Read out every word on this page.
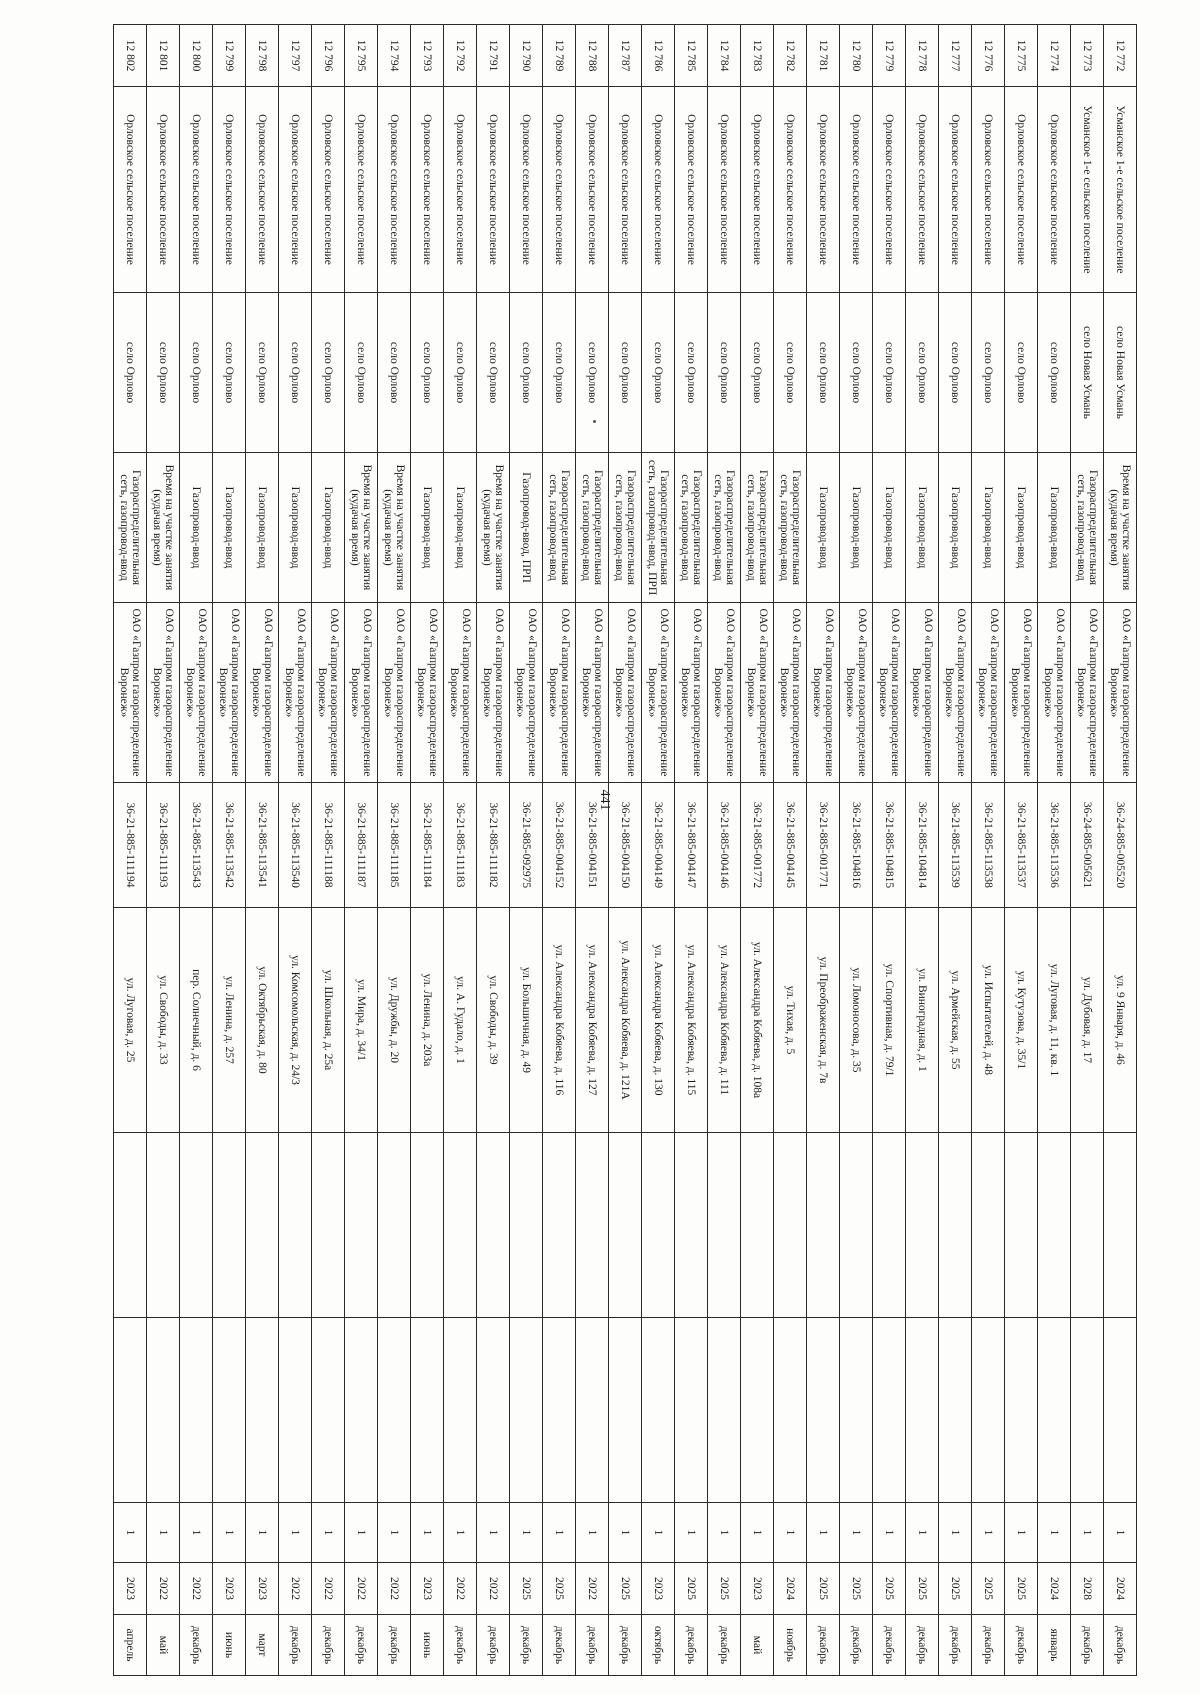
441
12 772	Усманское 1-е сельское поселение	село Новая Усмань	Время на участке занятия (кудачая время)	ОАО «Газпром газораспределение Воронеж»	36-24-885-005520	ул. 9 Января, д. 46			1	2024	декабрь
12 773	Усманское 1-е сельское поселение	село Новая Усмань	Газораспределительная сеть, газопровод-ввод	ОАО «Газпром газораспределение Воронеж»	36-24-885-005621	ул. Дубовая, д. 17			1	2028	декабрь
12 774	Орловское сельское поселение	село Орлово	Газопровод-ввод	ОАО «Газпром газораспределение Воронеж»	36-21-885-113536	ул. Луговая, д. 11, кв. 1			1	2024	январь
12 775	Орловское сельское поселение	село Орлово	Газопровод-ввод	ОАО «Газпром газораспределение Воронеж»	36-21-885-113537	ул. Кутузова, д. 35/1			1	2025	декабрь
12 776	Орловское сельское поселение	село Орлово	Газопровод-ввод	ОАО «Газпром газораспределение Воронеж»	36-21-885-113538	ул. Испытателей, д. 48			1	2025	декабрь
12 777	Орловское сельское поселение	село Орлово	Газопровод-ввод	ОАО «Газпром газораспределение Воронеж»	36-21-885-113539	ул. Армейская, д. 55			1	2025	декабрь
12 778	Орловское сельское поселение	село Орлово	Газопровод-ввод	ОАО «Газпром газораспределение Воронеж»	36-21-885-104814	ул. Виноградная, д. 1			1	2025	декабрь
12 779	Орловское сельское поселение	село Орлово	Газопровод-ввод	ОАО «Газпром газораспределение Воронеж»	36-21-885-104815	ул. Спортивная, д. 79/1			1	2025	декабрь
12 780	Орловское сельское поселение	село Орлово	Газопровод-ввод	ОАО «Газпром газораспределение Воронеж»	36-21-885-104816	ул. Ломоносова, д. 35			1	2025	декабрь
12 781	Орловское сельское поселение	село Орлово	Газопровод-ввод	ОАО «Газпром газораспределение Воронеж»	36-21-885-001771	ул. Преображенская, д. 7в			1	2025	декабрь
12 782	Орловское сельское поселение	село Орлово	Газораспределительная сеть, газопровод-ввод	ОАО «Газпром газораспределение Воронеж»	36-21-885-004145	ул. Тихая, д. 5			1	2024	ноябрь
12 783	Орловское сельское поселение	село Орлово	Газораспределительная сеть, газопровод-ввод	ОАО «Газпром газораспределение Воронеж»	36-21-885-001772	ул. Александра Кобяева, д. 108а			1	2023	май
12 784	Орловское сельское поселение	село Орлово	Газораспределительная сеть, газопровод-ввод	ОАО «Газпром газораспределение Воронеж»	36-21-885-004146	ул. Александра Кобяева, д. 111			1	2025	декабрь
12 785	Орловское сельское поселение	село Орлово	Газораспределительная сеть, газопровод-ввод	ОАО «Газпром газораспределение Воронеж»	36-21-885-004147	ул. Александра Кобяева, д. 115			1	2025	декабрь
12 786	Орловское сельское поселение	село Орлово	Газораспределительная сеть, газопровод-ввод, ПРП	ОАО «Газпром газораспределение Воронеж»	36-21-885-004149	ул. Александра Кобяева, д. 130			1	2023	октябрь
12 787	Орловское сельское поселение	село Орлово	Газораспределительная сеть, газопровод-ввод	ОАО «Газпром газораспределение Воронеж»	36-21-885-004150	ул. Александра Кобяева, д. 121А			1	2025	декабрь
12 788	Орловское сельское поселение	село Орлово	Газораспределительная сеть, газопровод-ввод	ОАО «Газпром газораспределение Воронеж»	36-21-885-004151	ул. Александра Кобяева, д. 127			1	2022	декабрь
12 789	Орловское сельское поселение	село Орлово	Газораспределительная сеть, газопровод-ввод	ОАО «Газпром газораспределение Воронеж»	36-21-885-004152	ул. Александра Кобяева, д. 116			1	2025	декабрь
12 790	Орловское сельское поселение	село Орлово	Газопровод-ввод, ПРП	ОАО «Газпром газораспределение Воронеж»	36-21-885-092975	ул. Большичная, д. 49			1	2025	декабрь
12 791	Орловское сельское поселение	село Орлово	Время на участке занятия (кудачая время)	ОАО «Газпром газораспределение Воронеж»	36-21-885-111182	ул. Свободы, д. 39			1	2022	декабрь
12 792	Орловское сельское поселение	село Орлово	Газопровод-ввод	ОАО «Газпром газораспределение Воронеж»	36-21-885-111183	ул. А. Гудало, д. 1			1	2022	декабрь
12 793	Орловское сельское поселение	село Орлово	Газопровод-ввод	ОАО «Газпром газораспределение Воронеж»	36-21-885-111184	ул. Ленина, д. 203а			1	2023	июнь
12 794	Орловское сельское поселение	село Орлово	Время на участке занятия (кудачая время)	ОАО «Газпром газораспределение Воронеж»	36-21-885-111185	ул. Дружбы, д. 20			1	2022	декабрь
12 795	Орловское сельское поселение	село Орлово	Время на участке занятия (кудачая время)	ОАО «Газпром газораспределение Воронеж»	36-21-885-111187	ул. Мира, д. 34/1			1	2022	декабрь
12 796	Орловское сельское поселение	село Орлово	Газопровод-ввод	ОАО «Газпром газораспределение Воронеж»	36-21-885-111188	ул. Школьная, д. 25а			1	2022	декабрь
12 797	Орловское сельское поселение	село Орлово	Газопровод-ввод	ОАО «Газпром газораспределение Воронеж»	36-21-885-113540	ул. Комсомольская, д. 24/3			1	2022	декабрь
12 798	Орловское сельское поселение	село Орлово	Газопровод-ввод	ОАО «Газпром газораспределение Воронеж»	36-21-885-113541	ул. Октябрьская, д. 80			1	2023	март
12 799	Орловское сельское поселение	село Орлово	Газопровод-ввод	ОАО «Газпром газораспределение Воронеж»	36-21-885-113542	ул. Ленина, д. 257			1	2023	июнь
12 800	Орловское сельское поселение	село Орлово	Газопровод-ввод	ОАО «Газпром газораспределение Воронеж»	36-21-885-113543	пер. Солнечный, д. 6			1	2022	декабрь
12 801	Орловское сельское поселение	село Орлово	Время на участке занятия (кудачая время)	ОАО «Газпром газораспределение Воронеж»	36-21-885-111193	ул. Свободы, д. 33			1	2022	май
12 802	Орловское сельское поселение	село Орлово	Газораспределительная сеть, газопровод-ввод	ОАО «Газпром газораспределение Воронеж»	36-21-885-111194	ул. Луговая, д. 25			1	2023	апрель
